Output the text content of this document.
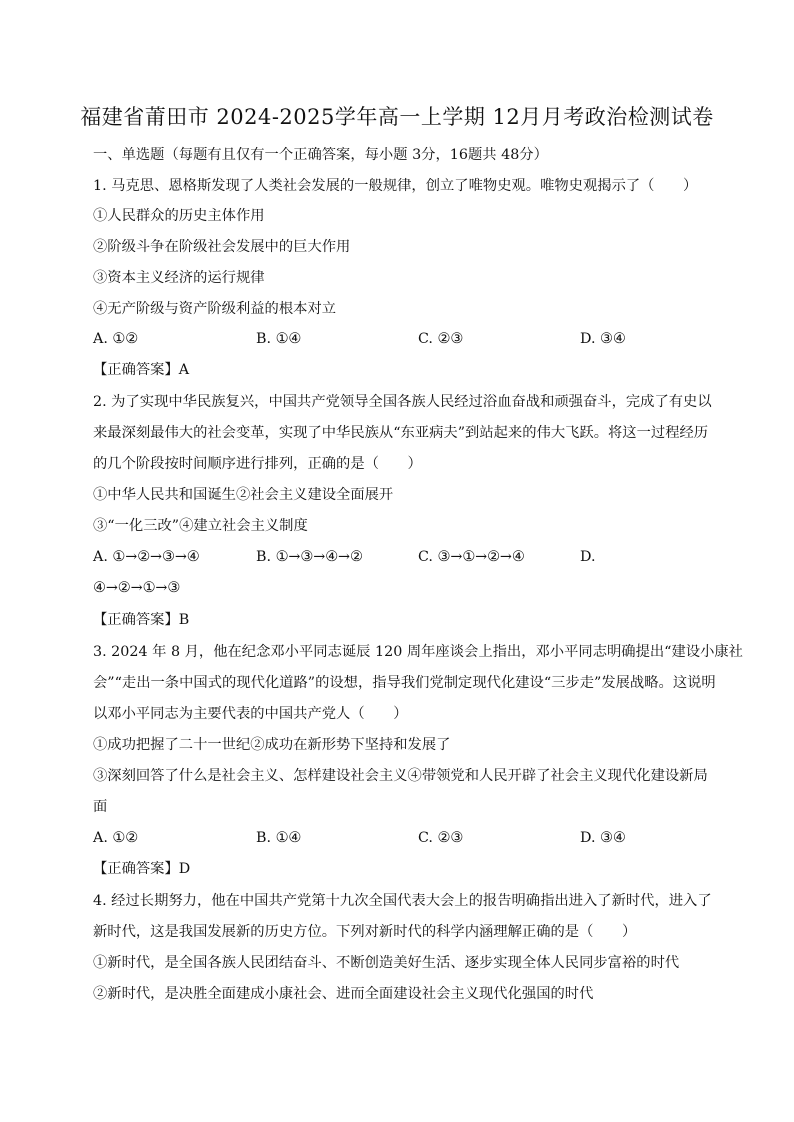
福建省莆田市 2024-2025学年高一上学期 12月月考政治检测试卷
一、单选题（每题有且仅有一个正确答案，每小题 3分，16题共 48分）
1. 马克思、恩格斯发现了人类社会发展的一般规律，创立了唯物史观。唯物史观揭示了（　　）
①人民群众的历史主体作用
②阶级斗争在阶级社会发展中的巨大作用
③资本主义经济的运行规律
④无产阶级与资产阶级利益的根本对立
A. ①②	B. ①④	C. ②③	D. ③④
【正确答案】A
2. 为了实现中华民族复兴，中国共产党领导全国各族人民经过浴血奋战和顽强奋斗，完成了有史以
来最深刻最伟大的社会变革，实现了中华民族从“东亚病夫”到站起来的伟大飞跃。将这一过程经历
的几个阶段按时间顺序进行排列，正确的是（　　）
①中华人民共和国诞生②社会主义建设全面展开
③“一化三改”④建立社会主义制度
A. ①→②→③→④	B. ①→③→④→②	C. ③→①→②→④	D.
④→②→①→③
【正确答案】B
3. 2024 年 8 月，他在纪念邓小平同志诞辰 120 周年座谈会上指出，邓小平同志明确提出“建设小康社
会”“走出一条中国式的现代化道路”的设想，指导我们党制定现代化建设“三步走”发展战略。这说明
以邓小平同志为主要代表的中国共产党人（　　）
①成功把握了二十一世纪②成功在新形势下坚持和发展了
③深刻回答了什么是社会主义、怎样建设社会主义④带领党和人民开辟了社会主义现代化建设新局
面
A. ①②	B. ①④	C. ②③	D. ③④
【正确答案】D
4. 经过长期努力，他在中国共产党第十九次全国代表大会上的报告明确指出进入了新时代，进入了
新时代，这是我国发展新的历史方位。下列对新时代的科学内涵理解正确的是（　　）
①新时代，是全国各族人民团结奋斗、不断创造美好生活、逐步实现全体人民同步富裕的时代
②新时代，是决胜全面建成小康社会、进而全面建设社会主义现代化强国的时代
